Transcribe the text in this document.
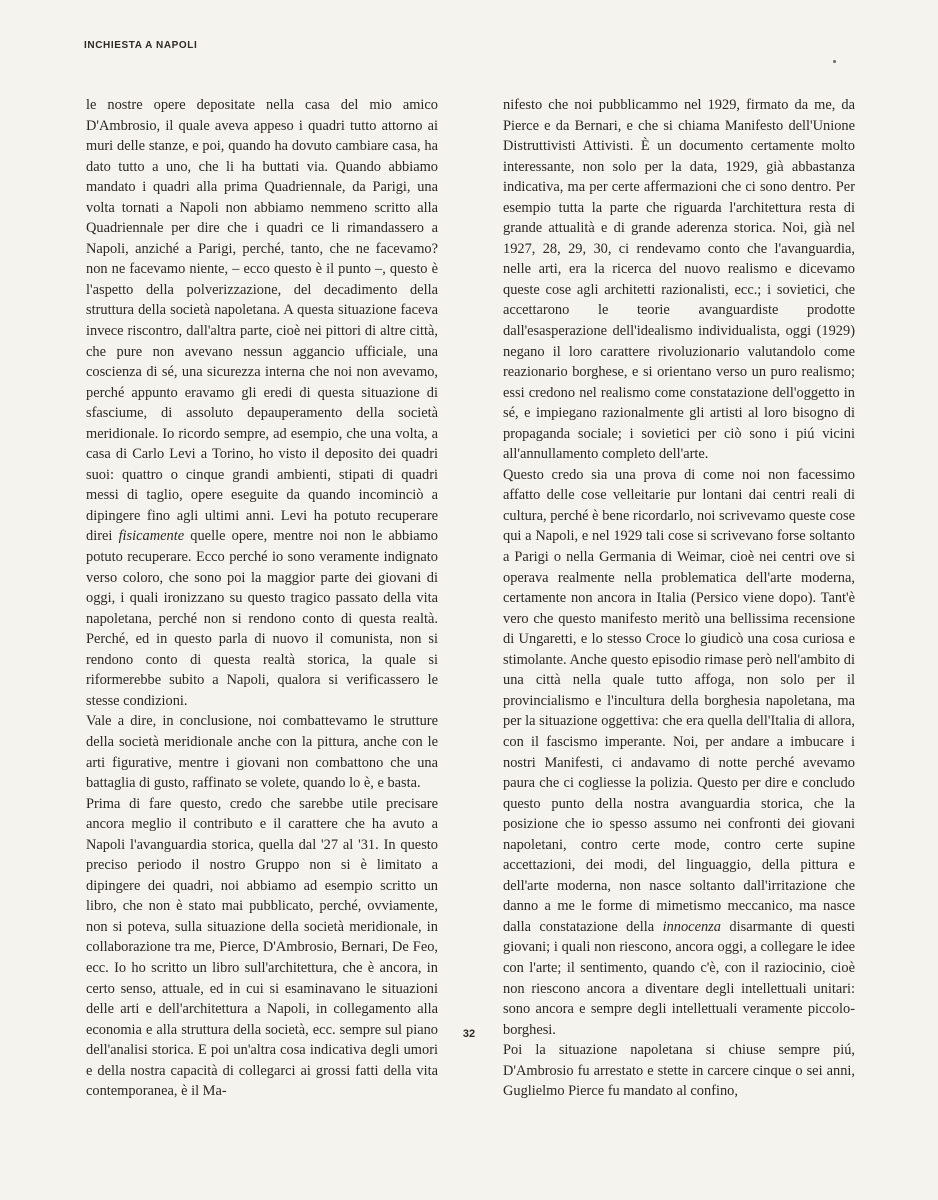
INCHIESTA A NAPOLI

le nostre opere depositate nella casa del mio amico D'Ambrosio, il quale aveva appeso i quadri tutto attorno ai muri delle stanze, e poi, quando ha dovuto cambiare casa, ha dato tutto a uno, che li ha buttati via. Quando abbiamo mandato i quadri alla prima Quadriennale, da Parigi, una volta tornati a Napoli non abbiamo nemmeno scritto alla Quadriennale per dire che i quadri ce li rimandassero a Napoli, anziché a Parigi, perché, tanto, che ne facevamo? non ne facevamo niente, – ecco questo è il punto –, questo è l'aspetto della polverizzazione, del decadimento della struttura della società napoletana. A questa situazione faceva invece riscontro, dall'altra parte, cioè nei pittori di altre città, che pure non avevano nessun aggancio ufficiale, una coscienza di sé, una sicurezza interna che noi non avevamo, perché appunto eravamo gli eredi di questa situazione di sfasciume, di assoluto depauperamento della società meridionale. Io ricordo sempre, ad esempio, che una volta, a casa di Carlo Levi a Torino, ho visto il deposito dei quadri suoi: quattro o cinque grandi ambienti, stipati di quadri messi di taglio, opere eseguite da quando incominciò a dipingere fino agli ultimi anni. Levi ha potuto recuperare direi fisicamente quelle opere, mentre noi non le abbiamo potuto recuperare. Ecco perché io sono veramente indignato verso coloro, che sono poi la maggior parte dei giovani di oggi, i quali ironizzano su questo tragico passato della vita napoletana, perché non si rendono conto di questa realtà. Perché, ed in questo parla di nuovo il comunista, non si rendono conto di questa realtà storica, la quale si riformerebbe subito a Napoli, qualora si verificassero le stesse condizioni.

Vale a dire, in conclusione, noi combattevamo le strutture della società meridionale anche con la pittura, anche con le arti figurative, mentre i giovani non combattono che una battaglia di gusto, raffinato se volete, quando lo è, e basta.

Prima di fare questo, credo che sarebbe utile precisare ancora meglio il contributo e il carattere che ha avuto a Napoli l'avanguardia storica, quella dal '27 al '31. In questo preciso periodo il nostro Gruppo non si è limitato a dipingere dei quadri, noi abbiamo ad esempio scritto un libro, che non è stato mai pubblicato, perché, ovviamente, non si poteva, sulla situazione della società meridionale, in collaborazione tra me, Pierce, D'Ambrosio, Bernari, De Feo, ecc. Io ho scritto un libro sull'architettura, che è ancora, in certo senso, attuale, ed in cui si esaminavano le situazioni delle arti e dell'architettura a Napoli, in collegamento alla economia e alla struttura della società, ecc. sempre sul piano dell'analisi storica. E poi un'altra cosa indicativa degli umori e della nostra capacità di collegarci ai grossi fatti della vita contemporanea, è il Ma-

nifesto che noi pubblicammo nel 1929, firmato da me, da Pierce e da Bernari, e che si chiama Manifesto dell'Unione Distruttivisti Attivisti. È un documento certamente molto interessante, non solo per la data, 1929, già abbastanza indicativa, ma per certe affermazioni che ci sono dentro. Per esempio tutta la parte che riguarda l'architettura resta di grande attualità e di grande aderenza storica. Noi, già nel 1927, 28, 29, 30, ci rendevamo conto che l'avanguardia, nelle arti, era la ricerca del nuovo realismo e dicevamo queste cose agli architetti razionalisti, ecc.; i sovietici, che accettarono le teorie avanguardiste prodotte dall'esasperazione dell'idealismo individualista, oggi (1929) negano il loro carattere rivoluzionario valutandolo come reazionario borghese, e si orientano verso un puro realismo; essi credono nel realismo come constatazione dell'oggetto in sé, e impiegano razionalmente gli artisti al loro bisogno di propaganda sociale; i sovietici per ciò sono i piú vicini all'annullamento completo dell'arte.

Questo credo sia una prova di come noi non facessimo affatto delle cose velleitarie pur lontani dai centri reali di cultura, perché è bene ricordarlo, noi scrivevamo queste cose qui a Napoli, e nel 1929 tali cose si scrivevano forse soltanto a Parigi o nella Germania di Weimar, cioè nei centri ove si operava realmente nella problematica dell'arte moderna, certamente non ancora in Italia (Persico viene dopo). Tant'è vero che questo manifesto meritò una bellissima recensione di Ungaretti, e lo stesso Croce lo giudicò una cosa curiosa e stimolante. Anche questo episodio rimase però nell'ambito di una città nella quale tutto affoga, non solo per il provincialismo e l'incultura della borghesia napoletana, ma per la situazione oggettiva: che era quella dell'Italia di allora, con il fascismo imperante. Noi, per andare a imbucare i nostri Manifesti, ci andavamo di notte perché avevamo paura che ci cogliesse la polizia. Questo per dire e concludo questo punto della nostra avanguardia storica, che la posizione che io spesso assumo nei confronti dei giovani napoletani, contro certe mode, contro certe supine accettazioni, dei modi, del linguaggio, della pittura e dell'arte moderna, non nasce soltanto dall'irritazione che danno a me le forme di mimetismo meccanico, ma nasce dalla constatazione della innocenza disarmante di questi giovani; i quali non riescono, ancora oggi, a collegare le idee con l'arte; il sentimento, quando c'è, con il raziocinio, cioè non riescono ancora a diventare degli intellettuali unitari: sono ancora e sempre degli intellettuali veramente piccolo-borghesi.

Poi la situazione napoletana si chiuse sempre piú, D'Ambrosio fu arrestato e stette in carcere cinque o sei anni, Guglielmo Pierce fu mandato al confino,

32
